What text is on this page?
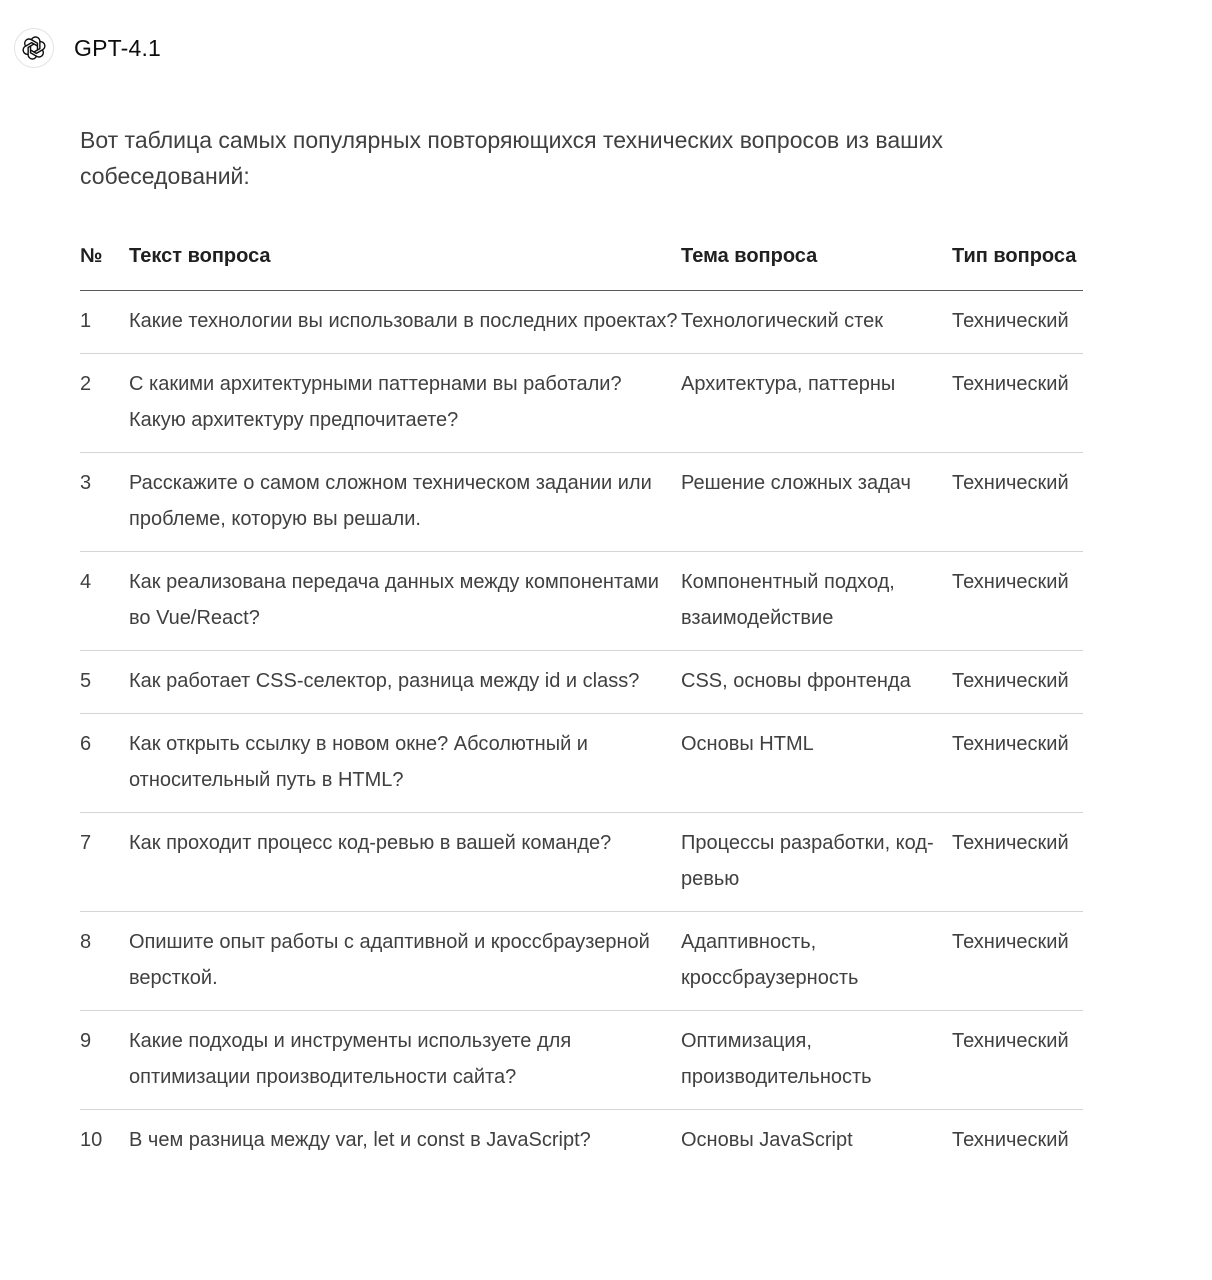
GPT-4.1

Вот таблица самых популярных повторяющихся технических вопросов из ваших собеседований:

№	Текст вопроса	Тема вопроса	Тип вопроса
1	Какие технологии вы использовали в последних проектах?	Технологический стек	Технический
2	С какими архитектурными паттернами вы работали? Какую архитектуру предпочитаете?	Архитектура, паттерны	Технический
3	Расскажите о самом сложном техническом задании или проблеме, которую вы решали.	Решение сложных задач	Технический
4	Как реализована передача данных между компонентами во Vue/React?	Компонентный подход, взаимодействие	Технический
5	Как работает CSS-селектор, разница между id и class?	CSS, основы фронтенда	Технический
6	Как открыть ссылку в новом окне? Абсолютный и относительный путь в HTML?	Основы HTML	Технический
7	Как проходит процесс код-ревью в вашей команде?	Процессы разработки, код-ревью	Технический
8	Опишите опыт работы с адаптивной и кроссбраузерной версткой.	Адаптивность, кроссбраузерность	Технический
9	Какие подходы и инструменты используете для оптимизации производительности сайта?	Оптимизация, производительность	Технический
10	В чем разница между var, let и const в JavaScript?	Основы JavaScript	Технический
